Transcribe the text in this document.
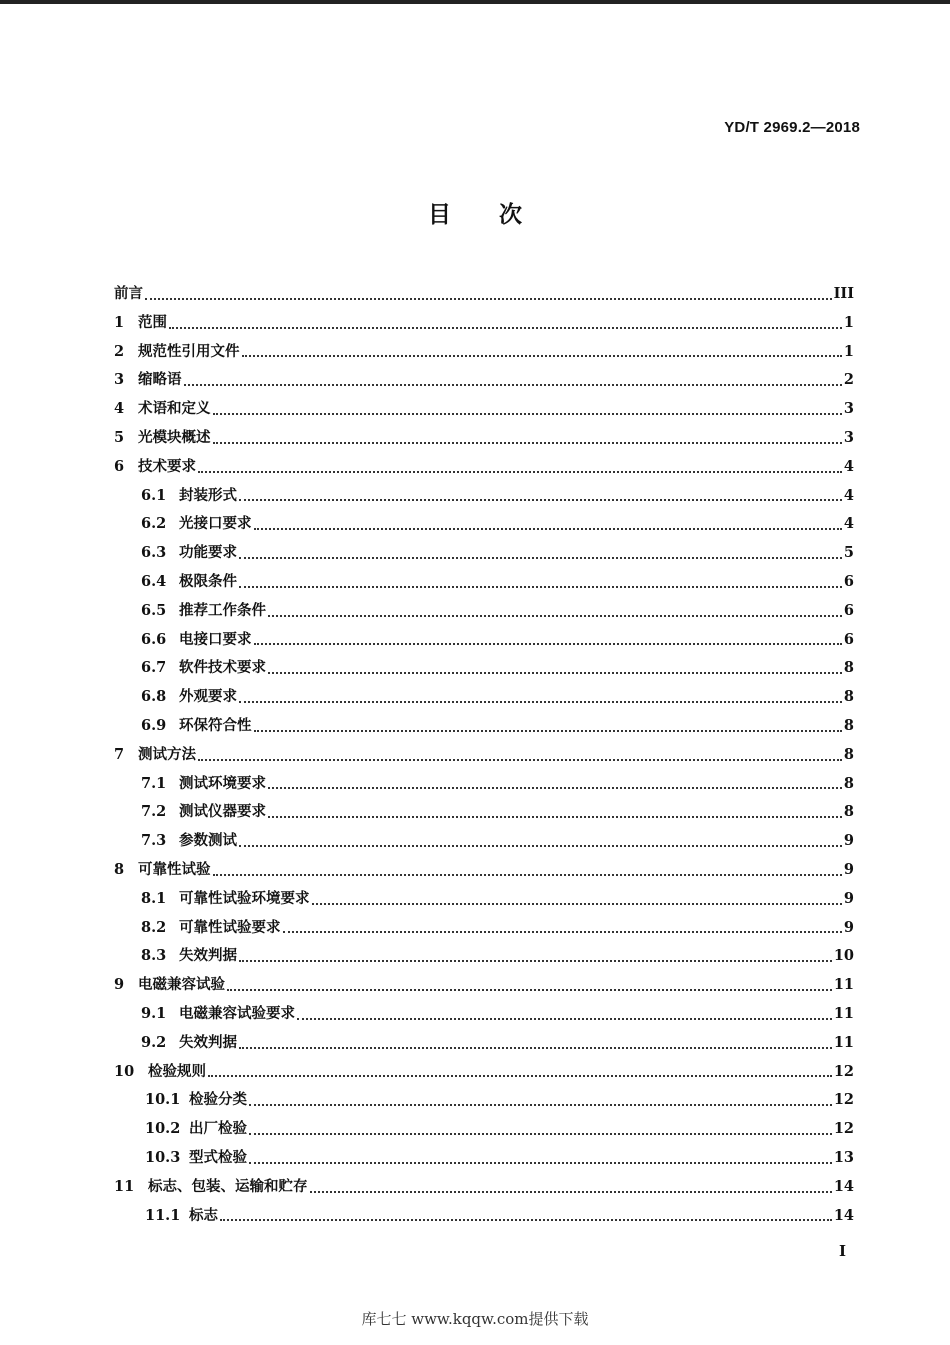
YD/T 2969.2—2018
目次
前言	III
1 范围	1
2 规范性引用文件	1
3 缩略语	2
4 术语和定义	3
5 光模块概述	3
6 技术要求	4
6.1 封装形式	4
6.2 光接口要求	4
6.3 功能要求	5
6.4 极限条件	6
6.5 推荐工作条件	6
6.6 电接口要求	6
6.7 软件技术要求	8
6.8 外观要求	8
6.9 环保符合性	8
7 测试方法	8
7.1 测试环境要求	8
7.2 测试仪器要求	8
7.3 参数测试	9
8 可靠性试验	9
8.1 可靠性试验环境要求	9
8.2 可靠性试验要求	9
8.3 失效判据	10
9 电磁兼容试验	11
9.1 电磁兼容试验要求	11
9.2 失效判据	11
10 检验规则	12
10.1 检验分类	12
10.2 出厂检验	12
10.3 型式检验	13
11 标志、包装、运输和贮存	14
11.1 标志	14
I
库七七 www.kqqw.com提供下载
